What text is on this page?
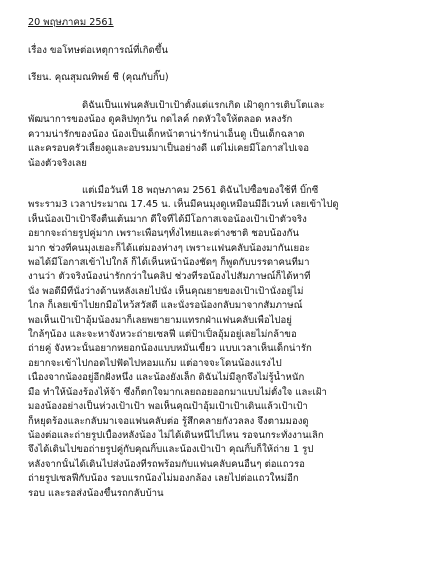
20 พฤษภาคม 2561
เรื่อง ขอโทษต่อเหตุการณ์ที่เกิดขึ้น
เรียน. คุณสุมณทิพย์ ชี (คุณกับกิ๊บ)
ดิฉันเป็นแฟนคลับเป้าเป้าตั้งแต่แรกเกิด เฝ้าดูการเติบโตและ
พัฒนาการของน้อง ดูคลิปทุกวัน กดไลค์ กดหัวใจให้ตลอด หลงรัก
ความน่ารักของน้อง น้องเป็นเด็กหน้าตาน่ารักน่าเอ็นดู เป็นเด็กฉลาด
และครอบครัวเลี้ยงดูและอบรมมาเป็นอย่างดี แต่ไม่เคยมีโอกาสไปเจอ
น้องตัวจริงเลย
แต่เมื่อวันที่ 18 พฤษภาคม 2561 ดิฉันไปซื้อของใช้ที่ บิ๊กซี
พระราม3 เวลาประมาณ 17.45 น. เห็นมีคนมุงดูเหมือนมีอีเวนท์ เลยเข้าไปดู
เห็นน้องเป้าเป้าจึงตื่นเต้นมาก ดีใจที่ได้มีโอกาสเจอน้องเป้าเป้าตัวจริง
อยากจะถ่ายรูปคู่มาก เพราะเพื่อนๆทั้งไทยและต่างชาติ ชอบน้องกัน
มาก ช่วงที่คนมุงเยอะก็ได้แต่มองห่างๆ เพราะแฟนคลับน้องมากันเยอะ
พอได้มีโอกาสเข้าไปใกล้ ก็ได้เห็นหน้าน้องชัดๆ ก็พูดกับบรรดาคนที่มา
งานว่า ตัวจริงน้องน่ารักกว่าในคลิป ช่วงที่รอน้องไปสัมภาษณ์ก็ได้หาที่
นั่ง พอดีมีที่นั่งว่างด้านหลังเลยไปนั่ง เห็นคุณยายของเป้าเป้านั่งอยู่ไม่
ไกล ก็เลยเข้าไปยกมือไหว้สวัสดี และนั่งรอน้องกลับมาจากสัมภาษณ์
พอเห็นเป้าเป้าอุ้มน้องมาก็เลยพยายามแทรกฝ่าแฟนคลับเพื่อไปอยู่
ใกล้ๆน้อง และจะหาจังหวะถ่ายเซลฟี่ แต่ป้าเปิ้ลอุ้มอยู่เลยไม่กล้าขอ
ถ่ายคู่ จังหวะนั้นอยากหยอกน้องแบบหมั่นเขี้ยว แบบเวลาเห็นเด็กน่ารัก
อยากจะเข้าไปกอดไปฟัดไปหอมแก้ม แต่อาจจะโดนน้องแรงไป
เนื่องจากน้องอยู่อีกฝั่งหนึ่ง และน้องยังเล็ก ดิฉันไม่มีลูกจึงไม่รู้น้ำหนัก
มือ ทำให้น้องร้องไห้จ้า ซึ่งก็ตกใจมากเลยถอยออกมาแบบไม่ตั้งใจ และเฝ้า
มองน้องอย่างเป็นห่วงเป้าเป้า พอเห็นคุณป้าอุ้มเป้าเป้าเดินแล้วเป้าเป้า
ก็หยุดร้องและกลับมาเจอแฟนคลับต่อ รู้สึกคลายกังวลลง จึงตามมองดู
น้องต่อและถ่ายรูปเบื้องหลังน้อง ไม่ได้เดินหนีไปไหน รอจนกระทั่งงานเลิก
จึงได้เดินไปขอถ่ายรูปคู่กับคุณกิ๊บและน้องเป้าเป้า คุณกิ๊บก็ให้ถ่าย 1 รูป
หลังจากนั้นได้เดินไปส่งน้องที่รถพร้อมกับแฟนคลับคนอื่นๆ ต่อแถวรอ
ถ่ายรูปเซลฟี่กับน้อง รอบแรกน้องไม่มองกล้อง เลยไปต่อแถวใหม่อีก
รอบ และรอส่งน้องขึ้นรถกลับบ้าน
